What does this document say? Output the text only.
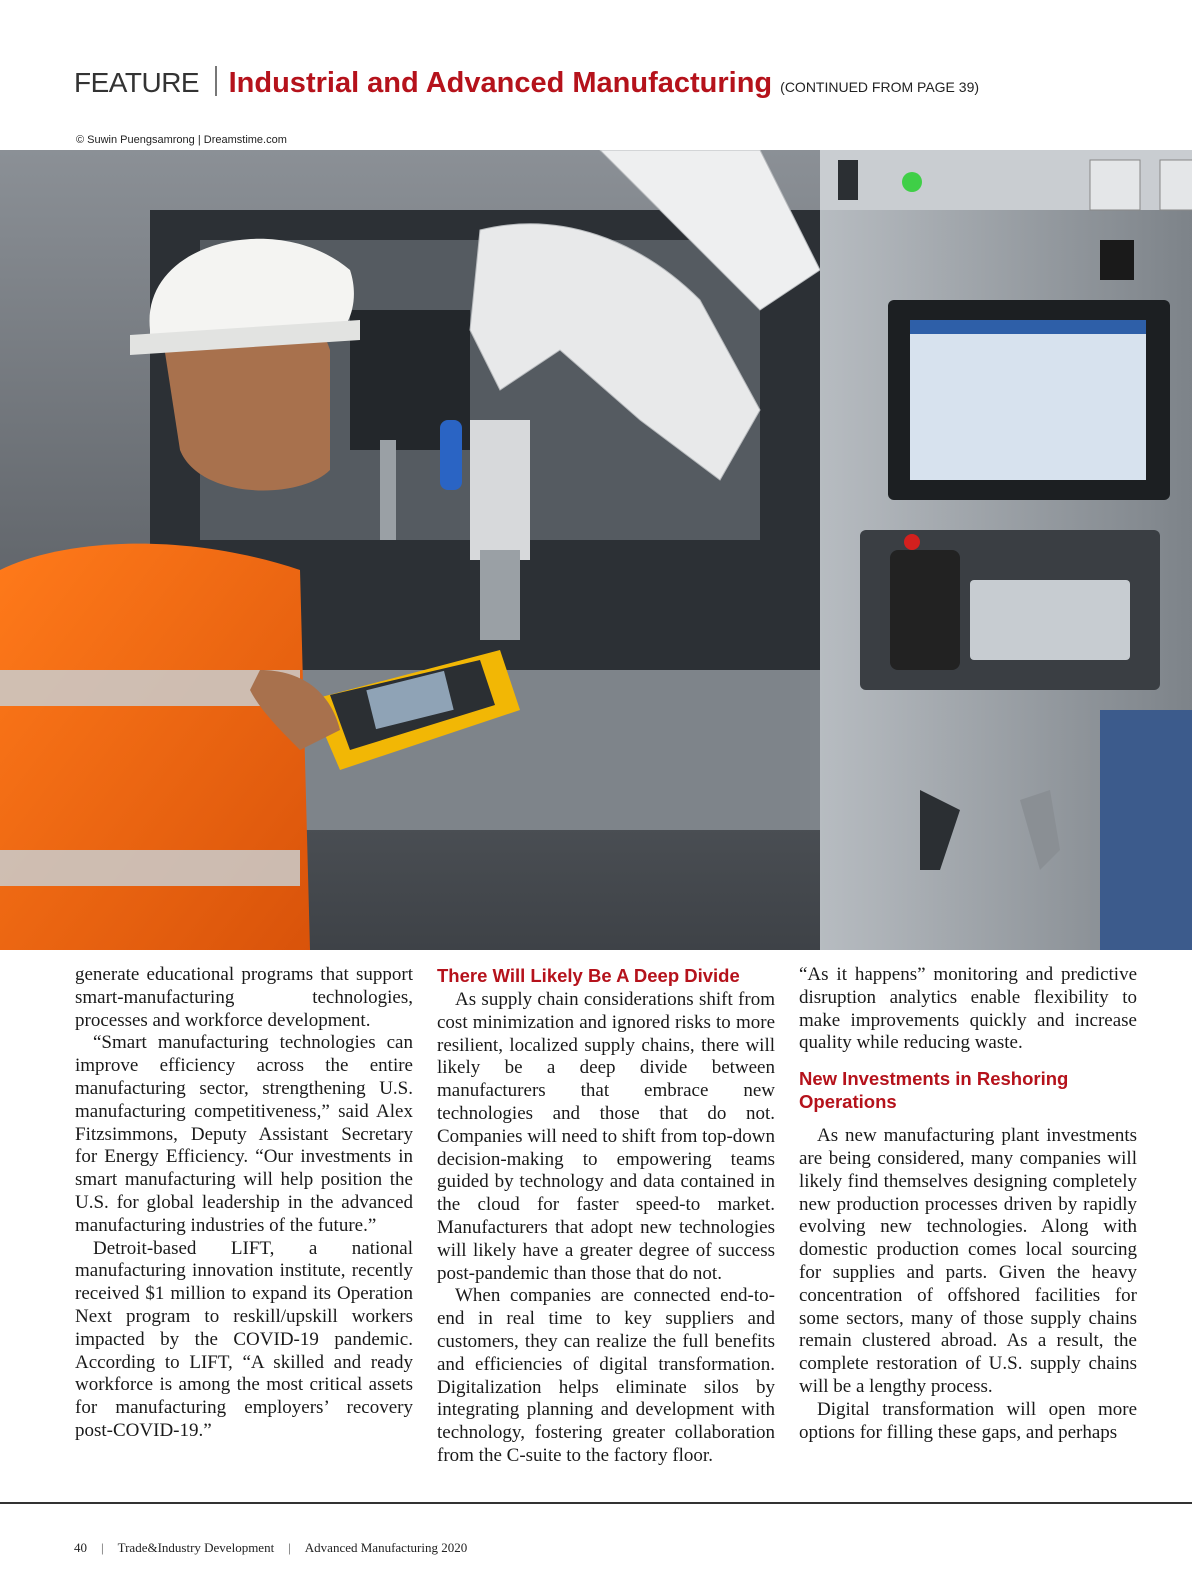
FEATURE Industrial and Advanced Manufacturing (CONTINUED FROM PAGE 39)
© Suwin Puengsamrong | Dreamstime.com

generate educational programs that support smart-manufacturing technologies, processes and workforce development.

“Smart manufacturing technologies can improve efficiency across the entire manufacturing sector, strengthening U.S. manufacturing competitiveness,” said Alex Fitzsimmons, Deputy Assistant Secretary for Energy Efficiency. “Our investments in smart manufacturing will help position the U.S. for global leadership in the advanced manufacturing industries of the future.”

Detroit-based LIFT, a national manufacturing innovation institute, recently received $1 million to expand its Operation Next program to reskill/upskill workers impacted by the COVID-19 pandemic. According to LIFT, “A skilled and ready workforce is among the most critical assets for manufacturing employers’ recovery post-COVID-19.”

There Will Likely Be A Deep Divide

As supply chain considerations shift from cost minimization and ignored risks to more resilient, localized supply chains, there will likely be a deep divide between manufacturers that embrace new technologies and those that do not. Companies will need to shift from top-down decision-making to empowering teams guided by technology and data contained in the cloud for faster speed-to market. Manufacturers that adopt new technologies will likely have a greater degree of success post-pandemic than those that do not.

When companies are connected end-to-end in real time to key suppliers and customers, they can realize the full benefits and efficiencies of digital transformation. Digitalization helps eliminate silos by integrating planning and development with technology, fostering greater collaboration from the C-suite to the factory floor.

“As it happens” monitoring and predictive disruption analytics enable flexibility to make improvements quickly and increase quality while reducing waste.

New Investments in Reshoring Operations

As new manufacturing plant investments are being considered, many companies will likely find themselves designing completely new production processes driven by rapidly evolving new technologies. Along with domestic production comes local sourcing for supplies and parts. Given the heavy concentration of offshored facilities for some sectors, many of those supply chains remain clustered abroad. As a result, the complete restoration of U.S. supply chains will be a lengthy process.

Digital transformation will open more options for filling these gaps, and perhaps

40 | Trade&Industry Development | Advanced Manufacturing 2020
